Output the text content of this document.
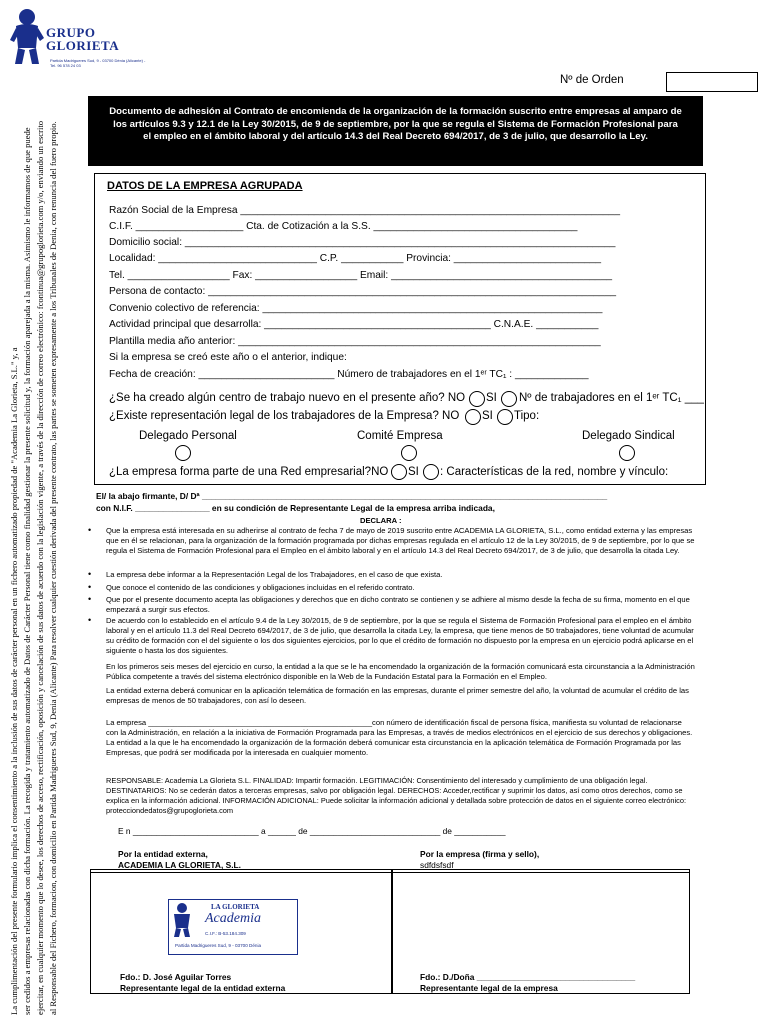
La cumplimentación del presente formulario implica el consentimiento a la inclusión de sus datos de carácter personal en un fichero automatizado propiedad de "Academia La Glorieta, S.L." y, a ser cedidos a empresas relacionadas con dicha formación. La recogida y tratamiento automatizado de Datos de Carácter Personal tiene como finalidad gestionar la presente solicitud y, la formación aparejada a la misma. Asimismo le informamos de que puede ejercitar, en cualquier momento que lo desee, los derechos de acceso, rectificación, oposición y cancelación de sus datos de acuerdo con la legislación vigente, a través de la dirección de correo electrónico: fcontinua@grupoglorieta.com y/o, enviando un escrito al Responsable del Fichero, formacion, con domicilio en Partida Madrigueres Sud, 9, Denia (Alicante) Para resolver cualquier cuestión derivada del presente contrato, las partes se someten expresamente a los Tribunales de Denia, con renuncia del fuero propio.
GRUPO
GLORIETA
Partida Madrigueres Sud, 9 - 03700 Dénia (Alicante) - Tel. 96 578 24 03
Nº de Orden
Documento de adhesión al Contrato de encomienda de la organización de la formación suscrito entre empresas al amparo de los artículos 9.3 y 12.1 de la Ley 30/2015, de 9 de septiembre, por la que se regula el Sistema de Formación Profesional para el empleo en el ámbito laboral y del artículo 14.3 del Real Decreto 694/2017, de 3 de julio, que desarrollo la Ley.
DATOS DE LA EMPRESA AGRUPADA
Razón Social de la Empresa ___________________________________________________________________
C.I.F. ___________________ Cta. de Cotización a la S.S. ____________________________________
Domicilio social: ____________________________________________________________________________
Localidad: ____________________________ C.P. ___________ Provincia: __________________________
Tel. __________________ Fax: __________________ Email: _______________________________________
Persona de contacto: ________________________________________________________________________
Convenio colectivo de referencia: ____________________________________________________________
Actividad principal que desarrolla: ________________________________________ C.N.A.E. ___________
Plantilla media año anterior: ________________________________________________________________
Si la empresa se creó este año o el anterior, indique:
Fecha de creación: ________________________ Número de trabajadores en el 1ᵉʳ TC₁ : _____________
¿Se ha creado algún centro de trabajo nuevo en el presente año? NO SI Nº de trabajadores en el 1ᵉʳ TC₁ ___
¿Existe representación legal de los trabajadores de la Empresa? NO SI Tipo:
Delegado Personal	Comité Empresa	Delegado Sindical
¿La empresa forma parte de una Red empresarial?NO SI : Características de la red, nombre y vínculo:
El/ la abajo firmante, D/ Dª _______________________________________________________________________________________
con N.I.F. ________________ en su condición de Representante Legal de la empresa arriba indicada,
DECLARA :
• Que la empresa está interesada en su adherirse al contrato de fecha 7 de mayo de 2019 suscrito entre ACADEMIA LA GLORIETA, S.L., como entidad externa y las empresas que en él se relacionan, para la organización de la formación programada por dichas empresas regulada en el artículo 12 de la Ley 30/2015, de 9 de septiembre, por lo que se regula el Sistema de Formación Profesional para el Empleo en el ámbito laboral y en el artículo 14.3 del Real Decreto 694/2017, de 3 de julio, que desarrolla la citada Ley.
• La empresa debe informar a la Representación Legal de los Trabajadores, en el caso de que exista.
• Que conoce el contenido de las condiciones y obligaciones incluidas en el referido contrato.
• Que por el presente documento acepta las obligaciones y derechos que en dicho contrato se contienen y se adhiere al mismo desde la fecha de su firma, momento en el que empezará a surgir sus efectos.
• De acuerdo con lo establecido en el artículo 9.4 de la Ley 30/2015, de 9 de septiembre, por la que se regula el Sistema de Formación Profesional para el empleo en el ámbito laboral y en el artículo 11.3 del Real Decreto 694/2017, de 3 de julio, que desarrolla la citada Ley, la empresa, que tiene menos de 50 trabajadores, tiene voluntad de acumular su crédito de formación con el del siguiente o los dos siguientes ejercicios, por lo que el crédito de formación no dispuesto por la empresa en un ejercicio podrá aplicarse en el siguiente o hasta los dos siguientes.
En los primeros seis meses del ejercicio en curso, la entidad a la que se le ha encomendado la organización de la formación comunicará esta circunstancia a la Administración Pública competente a través del sistema electrónico disponible en la Web de la Fundación Estatal para la Formación en el Empleo.
La entidad externa deberá comunicar en la aplicación telemática de formación en las empresas, durante el primer semestre del año, la voluntad de acumular el crédito de las empresas de menos de 50 trabajadores, con así lo deseen.
La empresa _____________________________________________________con número de identificación fiscal de persona física, manifiesta su voluntad de relacionarse con la Administración, en relación a la iniciativa de Formación Programada para las Empresas, a través de medios electrónicos en el ejercicio de sus derechos y obligaciones. La entidad a la que le ha encomendado la organización de la formación deberá comunicar esta circunstancia en la aplicación telemática de Formación Programada por las Empresas, que podrá ser modificada por la interesada en cualquier momento.
RESPONSABLE: Academia La Glorieta S.L. FINALIDAD: Impartir formación. LEGITIMACIÓN: Consentimiento del interesado y cumplimiento de una obligación legal. DESTINATARIOS: No se cederán datos a terceras empresas, salvo por obligación legal. DERECHOS: Acceder,rectificar y suprimir los datos, así como otros derechos, como se explica en la información adicional. INFORMACIÓN ADICIONAL: Puede solicitar la información adicional y detallada sobre protección de datos en el siguiente correo electrónico: protecciondedatos@grupoglorieta.com
E n ___________________________ a ______ de ____________________________ de ___________
Por la entidad externa,
ACADEMIA LA GLORIETA, S.L.
Por la empresa (firma y sello),
sdfdsfsdf
LA GLORIETA
Academia
C.I.F.: B-53.184.309
Partida Madrigueres Sud, 9 - 03700 Dénia
Fdo.: D. José Aguilar Torres
Representante legal de la entidad externa
Fdo.: D./Doña __________________________________
Representante legal de la empresa
